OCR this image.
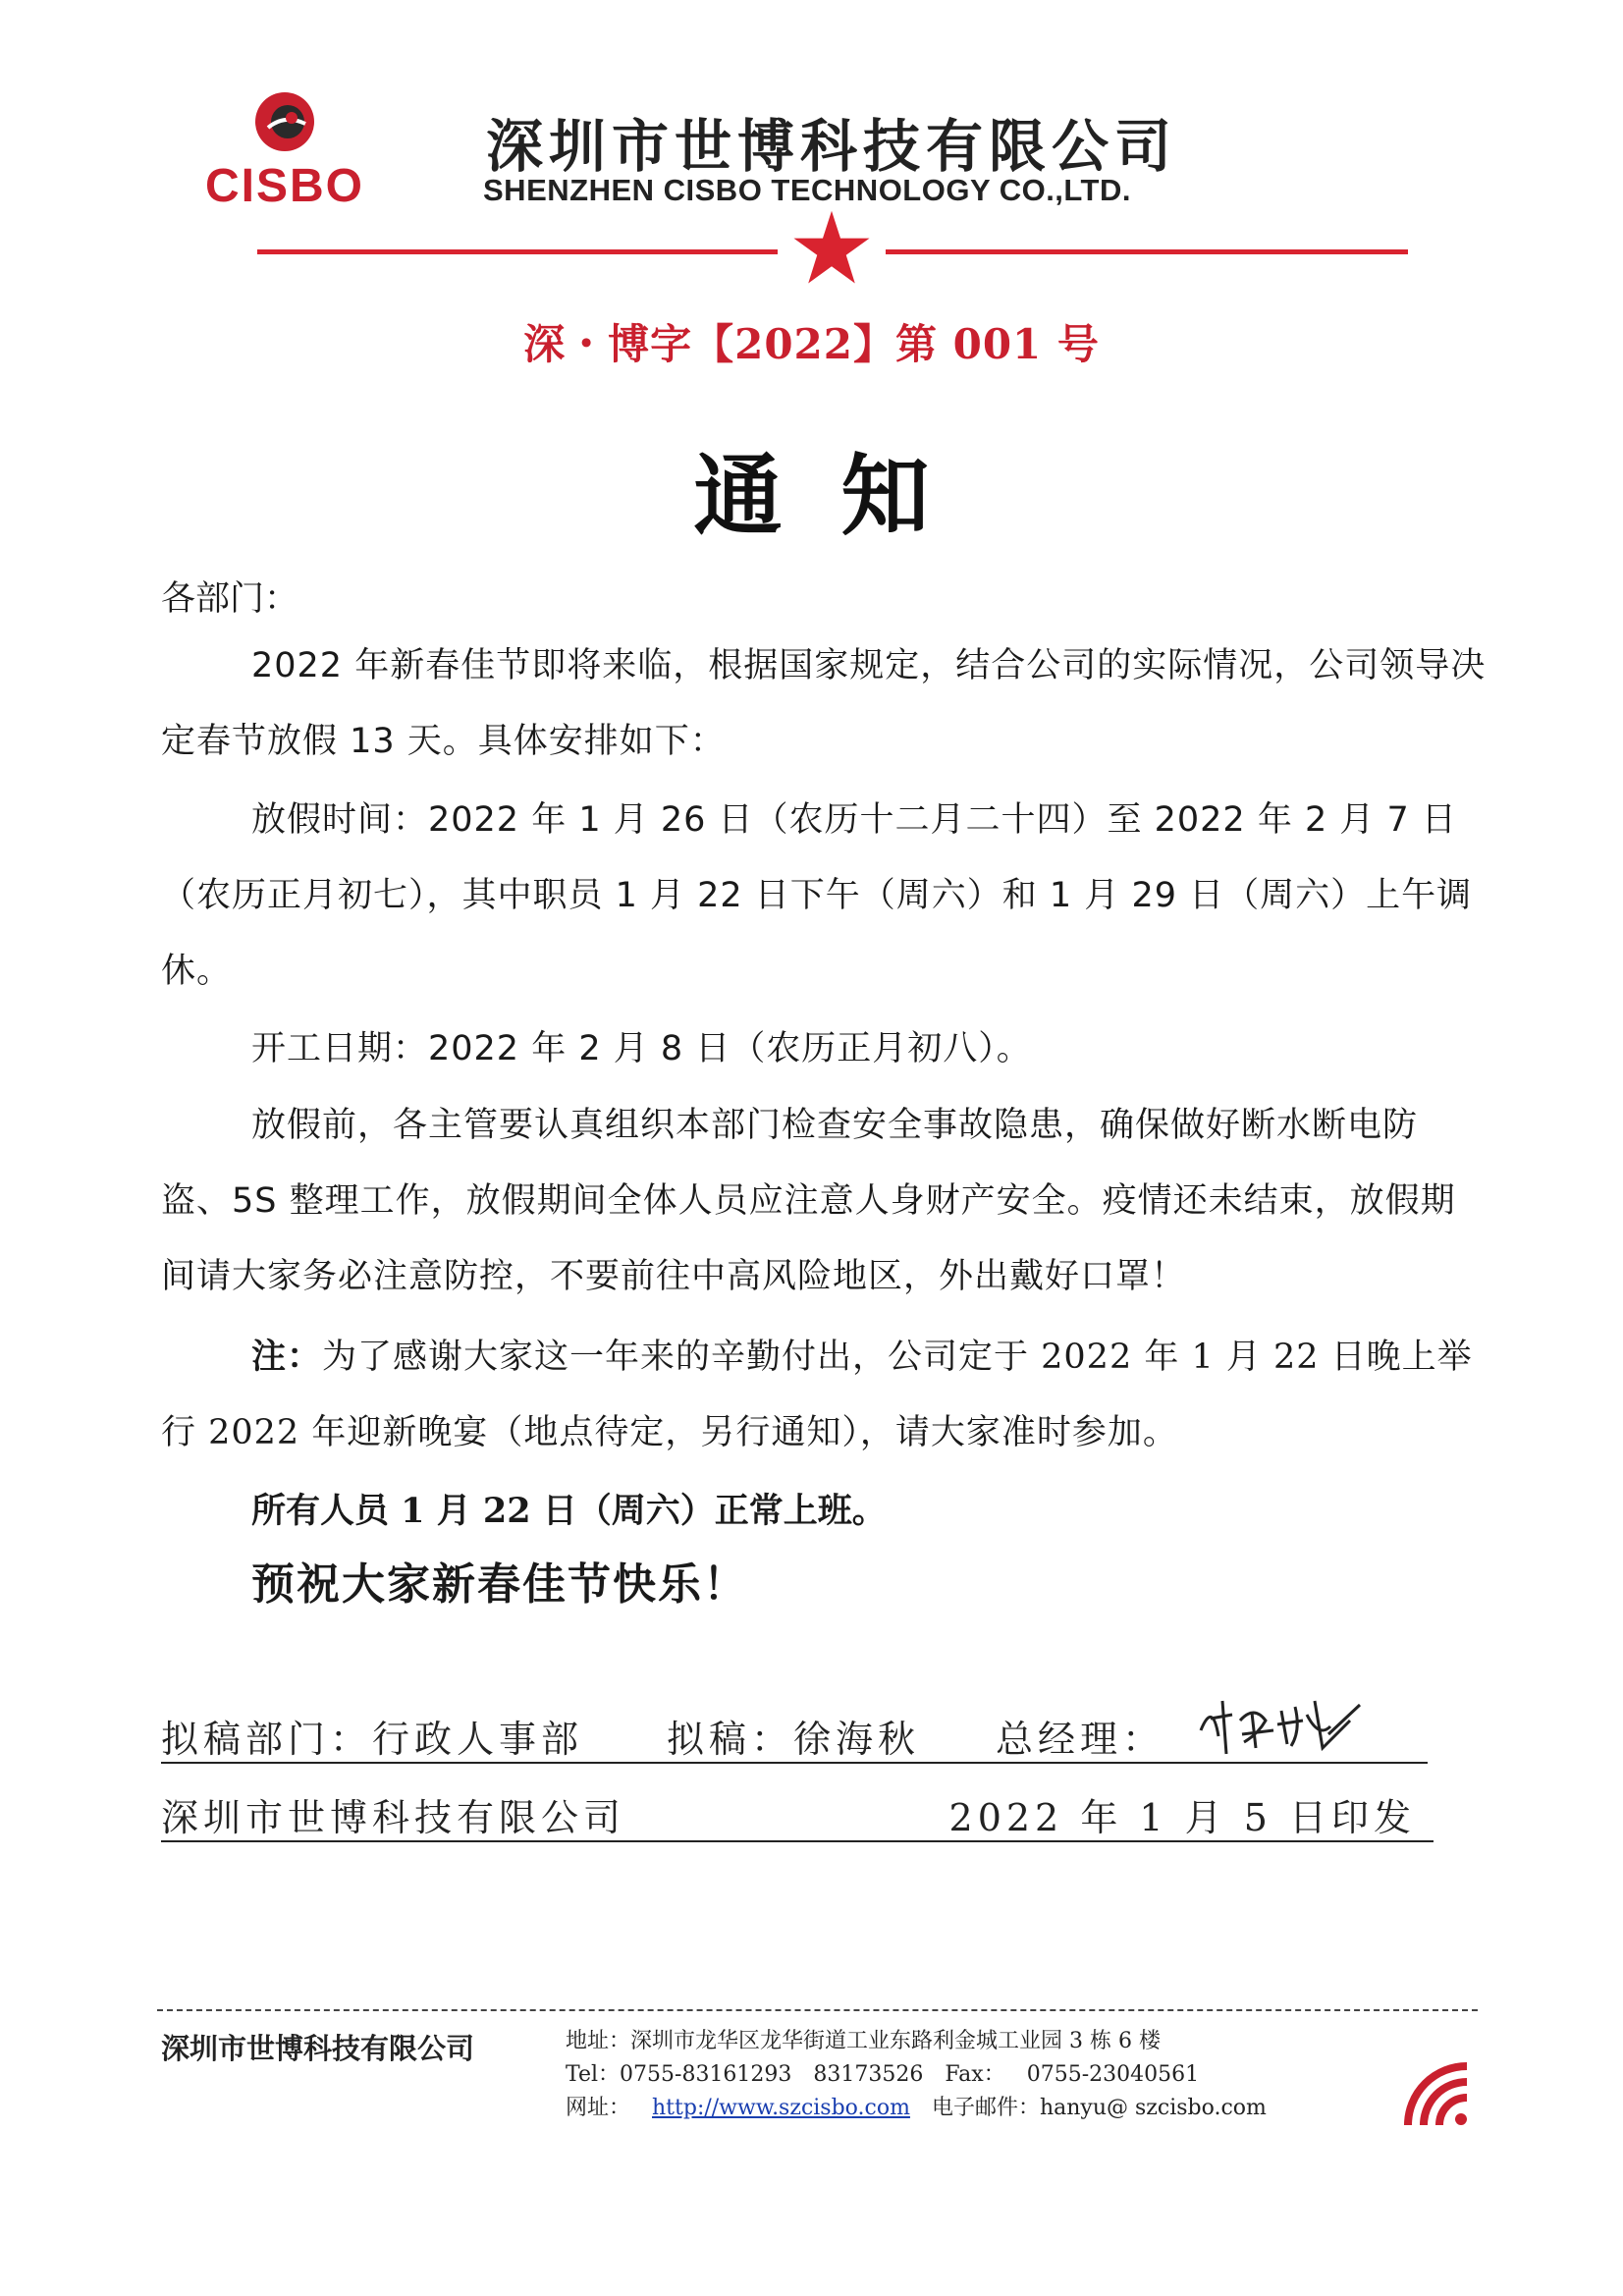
CISBO
深圳市世博科技有限公司
SHENZHEN CISBO TECHNOLOGY CO.,LTD.
深・博字【2022】第 001 号
通知

各部门：

2022 年新春佳节即将来临，根据国家规定，结合公司的实际情况，公司领导决定春节放假 13 天。具体安排如下：

放假时间：2022 年 1 月 26 日（农历十二月二十四）至 2022 年 2 月 7 日（农历正月初七），其中职员 1 月 22 日下午（周六）和 1 月 29 日（周六）上午调休。

开工日期：2022 年 2 月 8 日（农历正月初八）。

放假前，各主管要认真组织本部门检查安全事故隐患，确保做好断水断电防盗、5S 整理工作，放假期间全体人员应注意人身财产安全。疫情还未结束，放假期间请大家务必注意防控，不要前往中高风险地区，外出戴好口罩！

注：为了感谢大家这一年来的辛勤付出，公司定于 2022 年 1 月 22 日晚上举行 2022 年迎新晚宴（地点待定，另行通知），请大家准时参加。

所有人员 1 月 22 日（周六）正常上班。

预祝大家新春佳节快乐！

拟稿部门：行政人事部 拟稿：徐海秋 总经理：
深圳市世博科技有限公司	2022 年 1 月 5 日印发
深圳市世博科技有限公司	地址：深圳市龙华区龙华街道工业东路利金城工业园 3 栋 6 楼
Tel：0755-83161293 83173526 Fax： 0755-23040561
网址： http://www.szcisbo.com 电子邮件：hanyu@ szcisbo.com
